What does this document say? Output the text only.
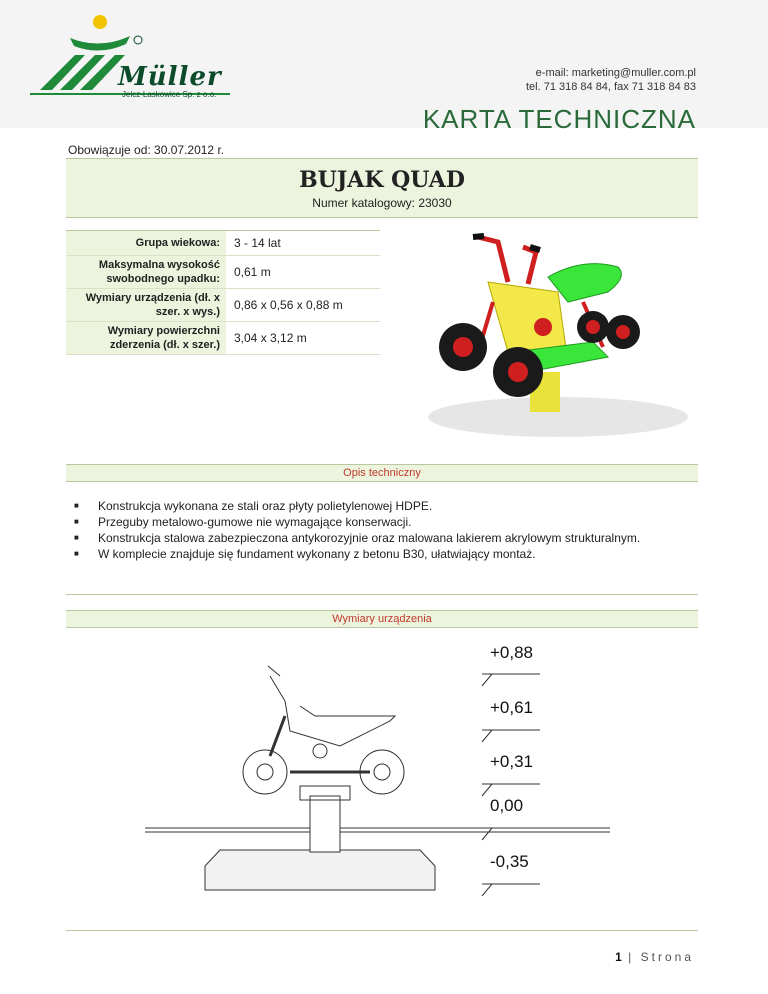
Müller
Jelcz-Laskowice Sp. z o.o.
e-mail: marketing@muller.com.pl
tel. 71 318 84 84, fax 71 318 84 83
KARTA TECHNICZNA
Obowiązuje od: 30.07.2012 r.
BUJAK QUAD
Numer katalogowy: 23030
Grupa wiekowa:	3 - 14 lat
Maksymalna wysokość swobodnego upadku:	0,61 m
Wymiary urządzenia (dł. x szer. x wys.)	0,86 x 0,56 x 0,88 m
Wymiary powierzchni zderzenia (dł. x szer.)	3,04 x 3,12 m
Opis techniczny
■	Konstrukcja wykonana ze stali oraz płyty polietylenowej HDPE.
■	Przeguby metalowo-gumowe nie wymagające konserwacji.
■	Konstrukcja stalowa zabezpieczona antykorozyjnie oraz malowana lakierem akrylowym strukturalnym.
■	W komplecie znajduje się fundament wykonany z betonu B30, ułatwiający montaż.
Wymiary urządzenia
+0,88
+0,61
+0,31
0,00
-0,35
1 | Strona
